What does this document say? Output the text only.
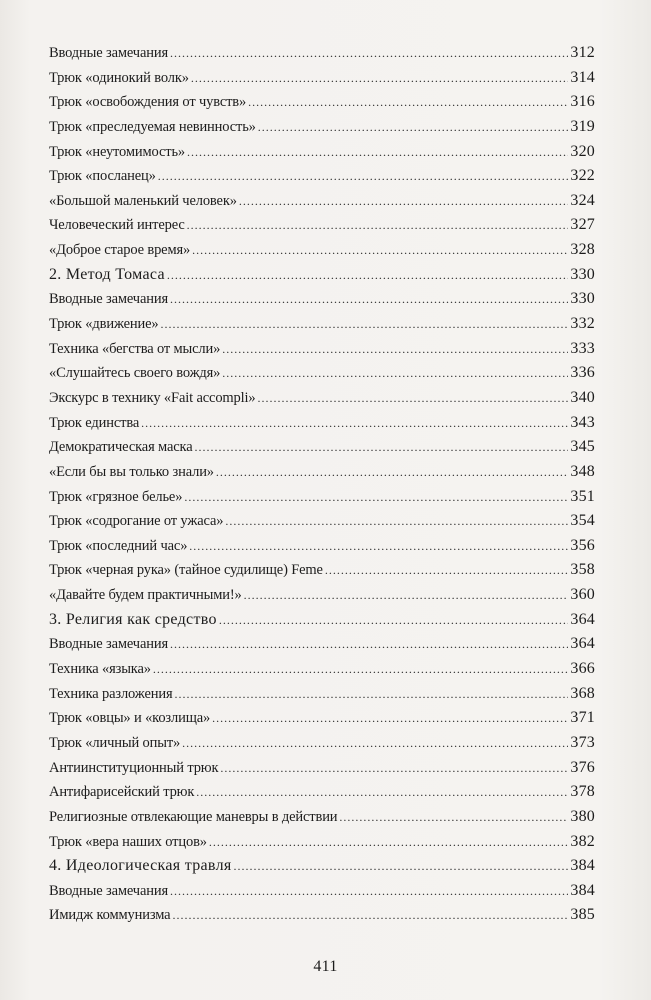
Вводные замечания .....	312
Трюк «одинокий волк» .....	314
Трюк «освобождения от чувств» .....	316
Трюк «преследуемая невинность» .....	319
Трюк «неутомимость» .....	320
Трюк «посланец» .....	322
«Большой маленький человек» .....	324
Человеческий интерес .....	327
«Доброе старое время» .....	328
2. Метод Томаса .....	330
Вводные замечания .....	330
Трюк «движение» .....	332
Техника «бегства от мысли» .....	333
«Слушайтесь своего вождя» .....	336
Экскурс в технику «Fait accompli» .....	340
Трюк единства .....	343
Демократическая маска .....	345
«Если бы вы только знали» .....	348
Трюк «грязное белье» .....	351
Трюк «содрогание от ужаса» .....	354
Трюк «последний час» .....	356
Трюк «черная рука» (тайное судилище) Feme .....	358
«Давайте будем практичными!» .....	360
3. Религия как средство .....	364
Вводные замечания .....	364
Техника «языка» .....	366
Техника разложения .....	368
Трюк «овцы» и «козлища» .....	371
Трюк «личный опыт» .....	373
Антиинституционный трюк .....	376
Антифарисейский трюк .....	378
Религиозные отвлекающие маневры в действии .....	380
Трюк «вера наших отцов» .....	382
4. Идеологическая травля .....	384
Вводные замечания .....	384
Имидж коммунизма .....	385
411
